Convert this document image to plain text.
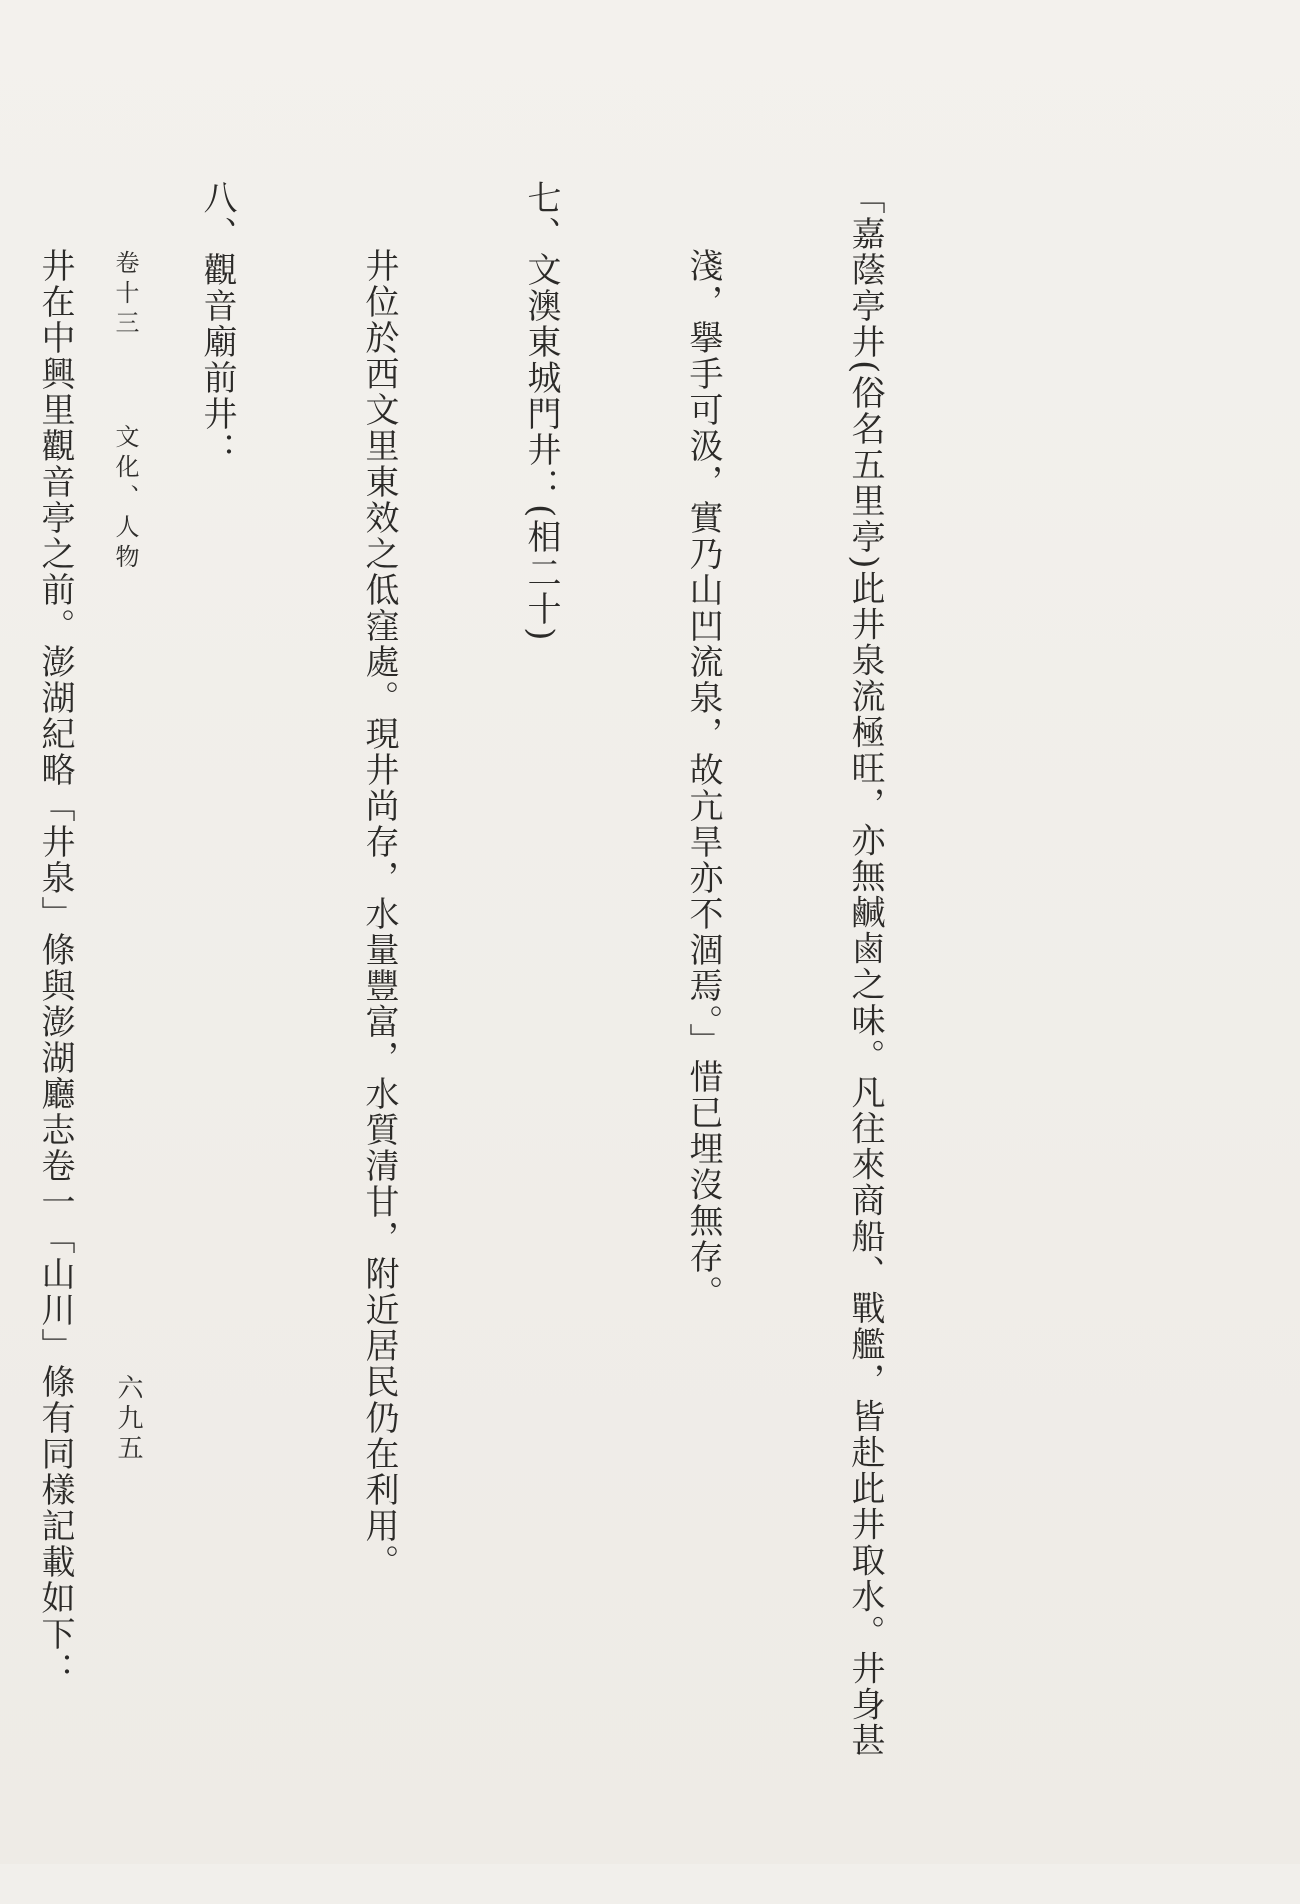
「嘉蔭亭井(俗名五里亭)此井泉流極旺，亦無鹹鹵之味。凡往來商船、戰艦，皆赴此井取水。井身甚

淺，擧手可汲，實乃山凹流泉，故亢旱亦不涸焉。」惜已埋沒無存。

七、文澳東城門井：(相二十)

井位於西文里東效之低窪處。現井尚存，水量豐富，水質清甘，附近居民仍在利用。

八、觀音廟前井：

井在中興里觀音亭之前。澎湖紀略「井泉」條與澎湖廳志卷一「山川」條有同樣記載如下：

卷十三 文化、人物
六九五
